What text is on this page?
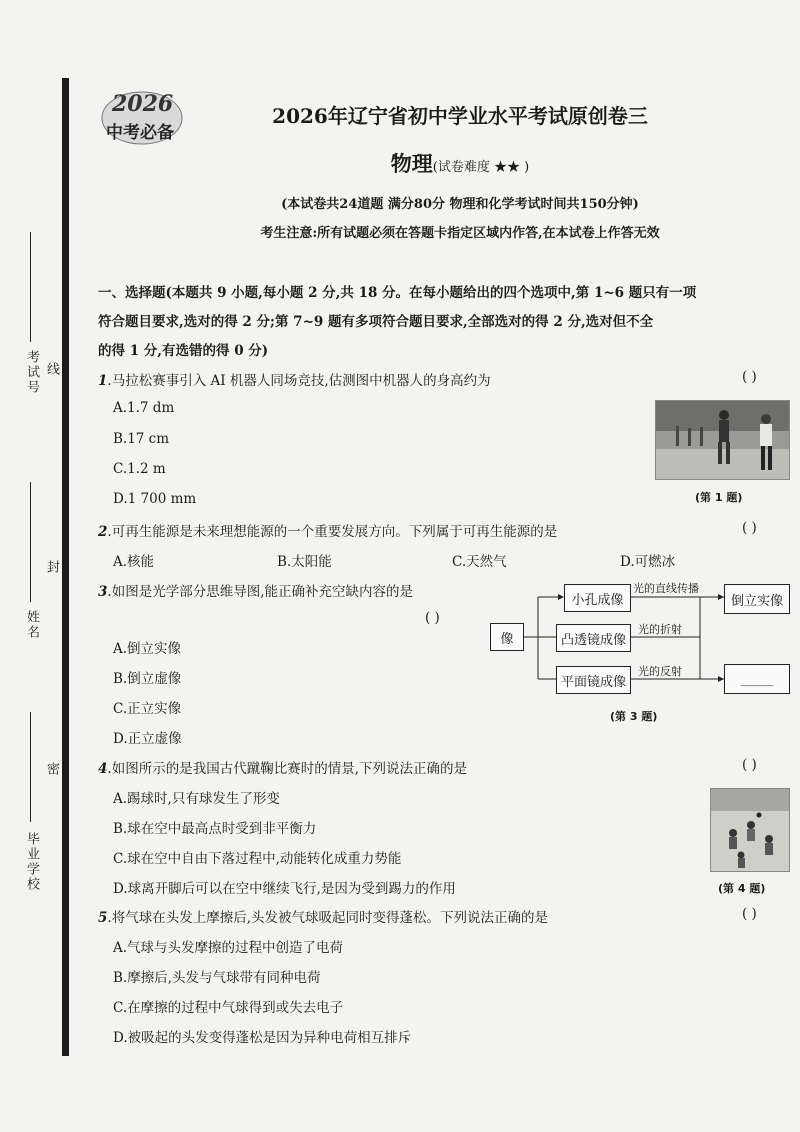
考试号 线
姓名
封
毕业学校
密
2026
中考必备
2026年辽宁省初中学业水平考试原创卷三
物理(试卷难度 ★★ )
(本试卷共24道题 满分80分 物理和化学考试时间共150分钟)
考生注意:所有试题必须在答题卡指定区域内作答,在本试卷上作答无效
一、选择题(本题共 9 小题,每小题 2 分,共 18 分。在每小题给出的四个选项中,第 1~6 题只有一项
符合题目要求,选对的得 2 分;第 7~9 题有多项符合题目要求,全部选对的得 2 分,选对但不全
的得 1 分,有选错的得 0 分)
1.马拉松赛事引入 AI 机器人同场竞技,估测图中机器人的身高约为	( )
A.1.7 dm
B.17 cm
C.1.2 m
D.1 700 mm	(第 1 题)
2.可再生能源是未来理想能源的一个重要发展方向。下列属于可再生能源的是	( )
A.核能	B.太阳能	C.天然气	D.可燃冰
3.如图是光学部分思维导图,能正确补充空缺内容的是
( )
A.倒立实像
B.倒立虚像
C.正立实像
D.正立虚像
像
小孔成像
凸透镜成像
平面镜成像
光的直线传播
光的折射
光的反射
倒立实像
_____
(第 3 题)
4.如图所示的是我国古代蹴鞠比赛时的情景,下列说法正确的是	( )
A.踢球时,只有球发生了形变
B.球在空中最高点时受到非平衡力
C.球在空中自由下落过程中,动能转化成重力势能
D.球离开脚后可以在空中继续飞行,是因为受到踢力的作用	(第 4 题)
5.将气球在头发上摩擦后,头发被气球吸起同时变得蓬松。下列说法正确的是	( )
A.气球与头发摩擦的过程中创造了电荷
B.摩擦后,头发与气球带有同种电荷
C.在摩擦的过程中气球得到或失去电子
D.被吸起的头发变得蓬松是因为异种电荷相互排斥
